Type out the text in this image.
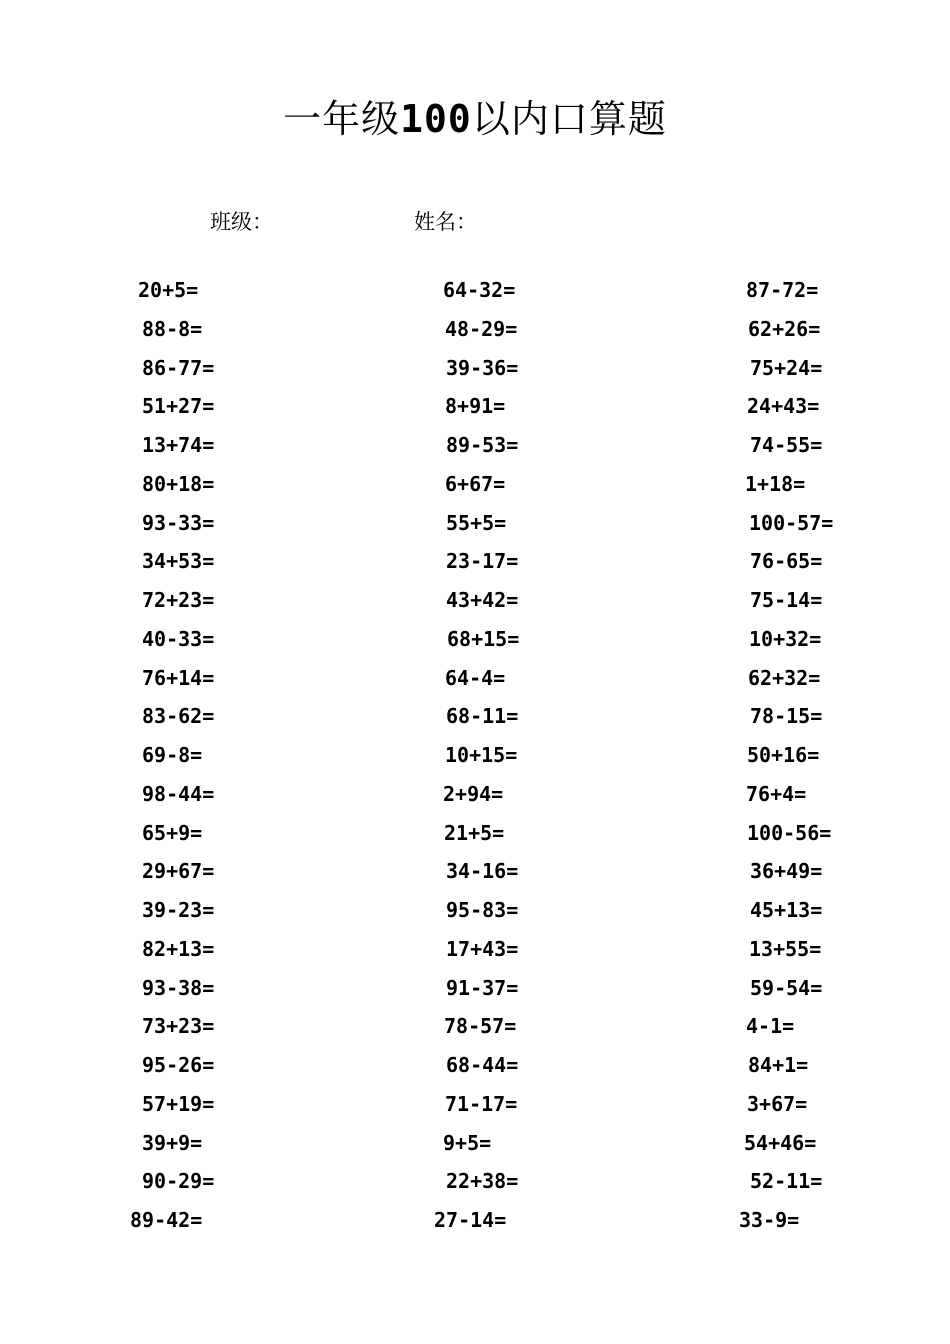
一年级100以内口算题
班级：	姓名：
20+5=
88-8=
86-77=
51+27=
13+74=
80+18=
93-33=
34+53=
72+23=
40-33=
76+14=
83-62=
69-8=
98-44=
65+9=
29+67=
39-23=
82+13=
93-38=
73+23=
95-26=
57+19=
39+9=
90-29=
89-42=
64-32=
48-29=
39-36=
8+91=
89-53=
6+67=
55+5=
23-17=
43+42=
68+15=
64-4=
68-11=
10+15=
2+94=
21+5=
34-16=
95-83=
17+43=
91-37=
78-57=
68-44=
71-17=
9+5=
22+38=
27-14=
87-72=
62+26=
75+24=
24+43=
74-55=
1+18=
100-57=
76-65=
75-14=
10+32=
62+32=
78-15=
50+16=
76+4=
100-56=
36+49=
45+13=
13+55=
59-54=
4-1=
84+1=
3+67=
54+46=
52-11=
33-9=
